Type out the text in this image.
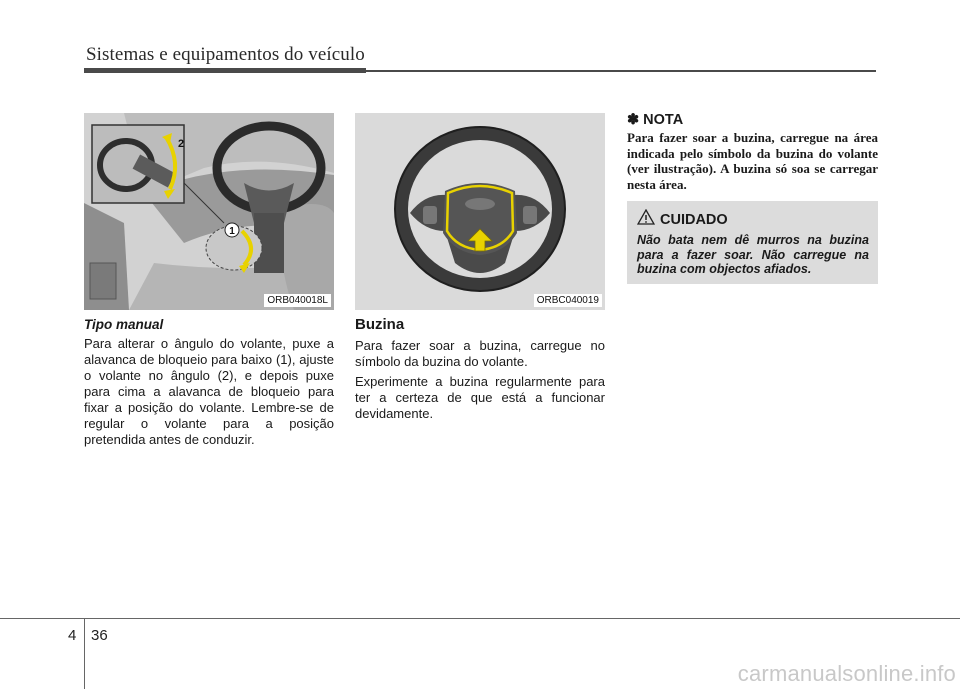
Sistemas e equipamentos do veículo
1
2
ORB040018L	ORBC040019
Tipo manual

Para alterar o ângulo do volante, puxe a alavanca de bloqueio para baixo (1), ajuste o volante no ângulo (2), e depois puxe para cima a alavanca de bloqueio para fixar a posição do volante. Lembre-se de regular o volante para a posição pretendida antes de conduzir.

Buzina

Para fazer soar a buzina, carregue no símbolo da buzina do volante.

Experimente a buzina regularmente para ter a certeza de que está a funcionar devidamente.

✽ NOTA

Para fazer soar a buzina, carregue na área indicada pelo símbolo da buzina do volante (ver ilustração). A buzina só soa se carregar nesta área.

CUIDADO

Não bata nem dê murros na buzina para a fazer soar. Não carregue na buzina com objectos afiados.

4 36
carmanualsonline.info
